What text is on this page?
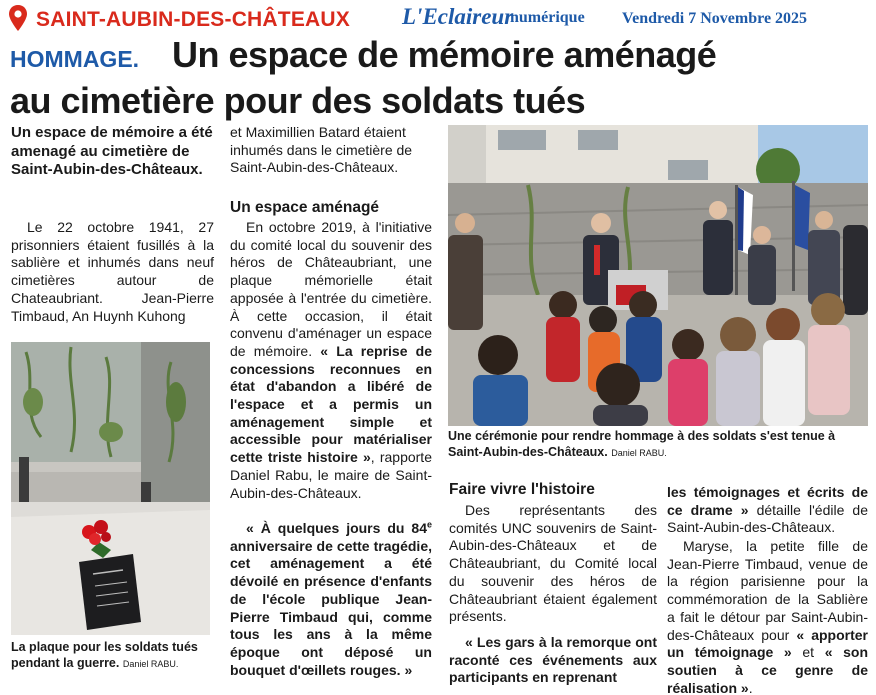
SAINT-AUBIN-DES-CHÂTEAUX L'Eclaireur
numérique Vendredi 7 Novembre 2025
HOMMAGE. Un espace de mémoire aménagé
au cimetière pour des soldats tués
Un espace de mémoire a été amenagé au cimetière de Saint-Aubin-des-Châteaux.
Le 22 octobre 1941, 27 prisonniers étaient fusillés à la sablière et inhumés dans neuf cimetières autour de Chateaubriant. Jean-Pierre Timbaud, An Huynh Kuhong
La plaque pour les soldats tués pendant la guerre. Daniel RABU.
et Maximillien Batard étaient inhumés dans le cimetière de Saint-Aubin-des-Châteaux.
Un espace aménagé
En octobre 2019, à l'initiative du comité local du souvenir des héros de Châteaubriant, une plaque mémorielle était apposée à l'entrée du cimetière. À cette occasion, il était convenu d'aménager un espace de mémoire. « La reprise de concessions reconnues en état d'abandon a libéré de l'espace et a permis un aménagement simple et accessible pour matérialiser cette triste histoire », rapporte Daniel Rabu, le maire de Saint-Aubin-des-Châteaux.
« À quelques jours du 84e anniversaire de cette tragédie, cet aménagement a été dévoilé en présence d'enfants de l'école publique Jean-Pierre Timbaud qui, comme tous les ans à la même époque ont déposé un bouquet d'œillets rouges. »
Une cérémonie pour rendre hommage à des soldats s'est tenue à Saint-Aubin-des-Châteaux. Daniel RABU.
Faire vivre l'histoire
Des représentants des comités UNC souvenirs de Saint-Aubin-des-Châteaux et de Châteaubriant, du Comité local du souvenir des héros de Châteaubriant étaient également présents.
« Les gars à la remorque ont raconté ces événements aux participants en reprenant
les témoignages et écrits de ce drame » détaille l'édile de Saint-Aubin-des-Châteaux.
Maryse, la petite fille de Jean-Pierre Timbaud, venue de la région parisienne pour la commémoration de la Sablière a fait le détour par Saint-Aubin-des-Châteaux pour « apporter un témoignage » et « son soutien à ce genre de réalisation ».
